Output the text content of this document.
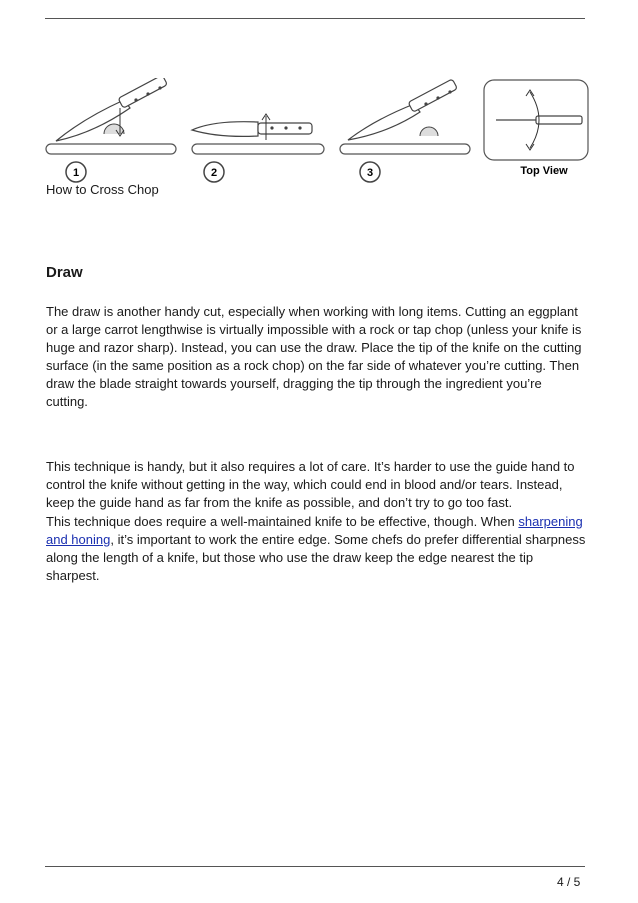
1	2	3	Top View
How to Cross Chop
Draw

The draw is another handy cut, especially when working with long items. Cutting an eggplant or a large carrot lengthwise is virtually impossible with a rock or tap chop (unless your knife is huge and razor sharp). Instead, you can use the draw. Place the tip of the knife on the cutting surface (in the same position as a rock chop) on the far side of whatever you’re cutting. Then draw the blade straight towards yourself, dragging the tip through the ingredient you’re cutting.

This technique is handy, but it also requires a lot of care. It’s harder to use the guide hand to control the knife without getting in the way, which could end in blood and/or tears. Instead, keep the guide hand as far from the knife as possible, and don’t try to go too fast.

This technique does require a well-maintained knife to be effective, though. When sharpening and honing, it’s important to work the entire edge. Some chefs do prefer differential sharpness along the length of a knife, but those who use the draw keep the edge nearest the tip sharpest.

4 / 5
